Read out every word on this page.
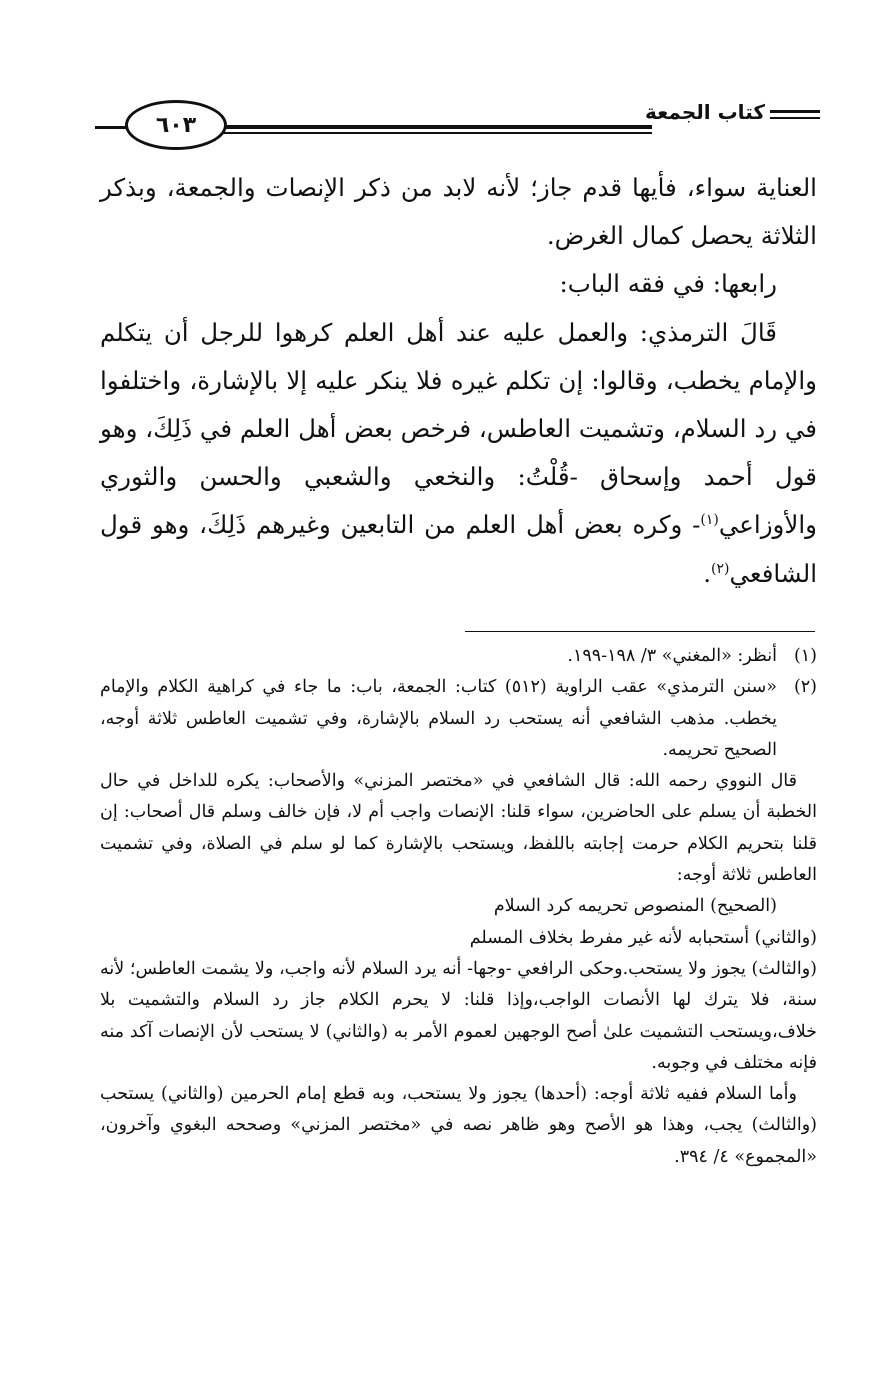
كتاب الجمعة
٦٠٣

العناية سواء، فأيها قدم جاز؛ لأنه لابد من ذكر الإنصات والجمعة، وبذكر الثلاثة يحصل كمال الغرض.

رابعها: في فقه الباب:

قَالَ الترمذي: والعمل عليه عند أهل العلم كرهوا للرجل أن يتكلم والإمام يخطب، وقالوا: إن تكلم غيره فلا ينكر عليه إلا بالإشارة، واختلفوا في رد السلام، وتشميت العاطس، فرخص بعض أهل العلم في ذَلِكَ، وهو قول أحمد وإسحاق -قُلْتُ: والنخعي والشعبي والحسن والثوري والأوزاعي$^{(١)}$- وكره بعض أهل العلم من التابعين وغيرهم ذَلِكَ، وهو قول الشافعي$^{(٢)}$.

(١)
أنظر: «المغني» ٣/ ١٩٨-١٩٩.

(٢)
«سنن الترمذي» عقب الراوية (٥١٢) كتاب: الجمعة، باب: ما جاء في كراهية الكلام والإمام يخطب. مذهب الشافعي أنه يستحب رد السلام بالإشارة، وفي تشميت العاطس ثلاثة أوجه، الصحيح تحريمه.

قال النووي رحمه الله: قال الشافعي في «مختصر المزني» والأصحاب: يكره للداخل في حال الخطبة أن يسلم على الحاضرين، سواء قلنا: الإنصات واجب أم لا، فإن خالف وسلم قال أصحاب: إن قلنا بتحريم الكلام حرمت إجابته باللفظ، ويستحب بالإشارة كما لو سلم في الصلاة، وفي تشميت العاطس ثلاثة أوجه:

(الصحيح) المنصوص تحريمه كرد السلام

(والثاني) أستحبابه لأنه غير مفرط بخلاف المسلم

(والثالث) يجوز ولا يستحب.وحكى الرافعي -وجها- أنه يرد السلام لأنه واجب، ولا يشمت العاطس؛ لأنه سنة، فلا يترك لها الأنصات الواجب،وإذا قلنا: لا يحرم الكلام جاز رد السلام والتشميت بلا خلاف،ويستحب التشميت علىٰ أصح الوجهين لعموم الأمر به (والثاني) لا يستحب لأن الإنصات آكد منه فإنه مختلف في وجوبه.

وأما السلام ففيه ثلاثة أوجه: (أحدها) يجوز ولا يستحب، وبه قطع إمام الحرمين (والثاني) يستحب (والثالث) يجب، وهذا هو الأصح وهو ظاهر نصه في «مختصر المزني» وصححه البغوي وآخرون، «المجموع» ٤/ ٣٩٤.
